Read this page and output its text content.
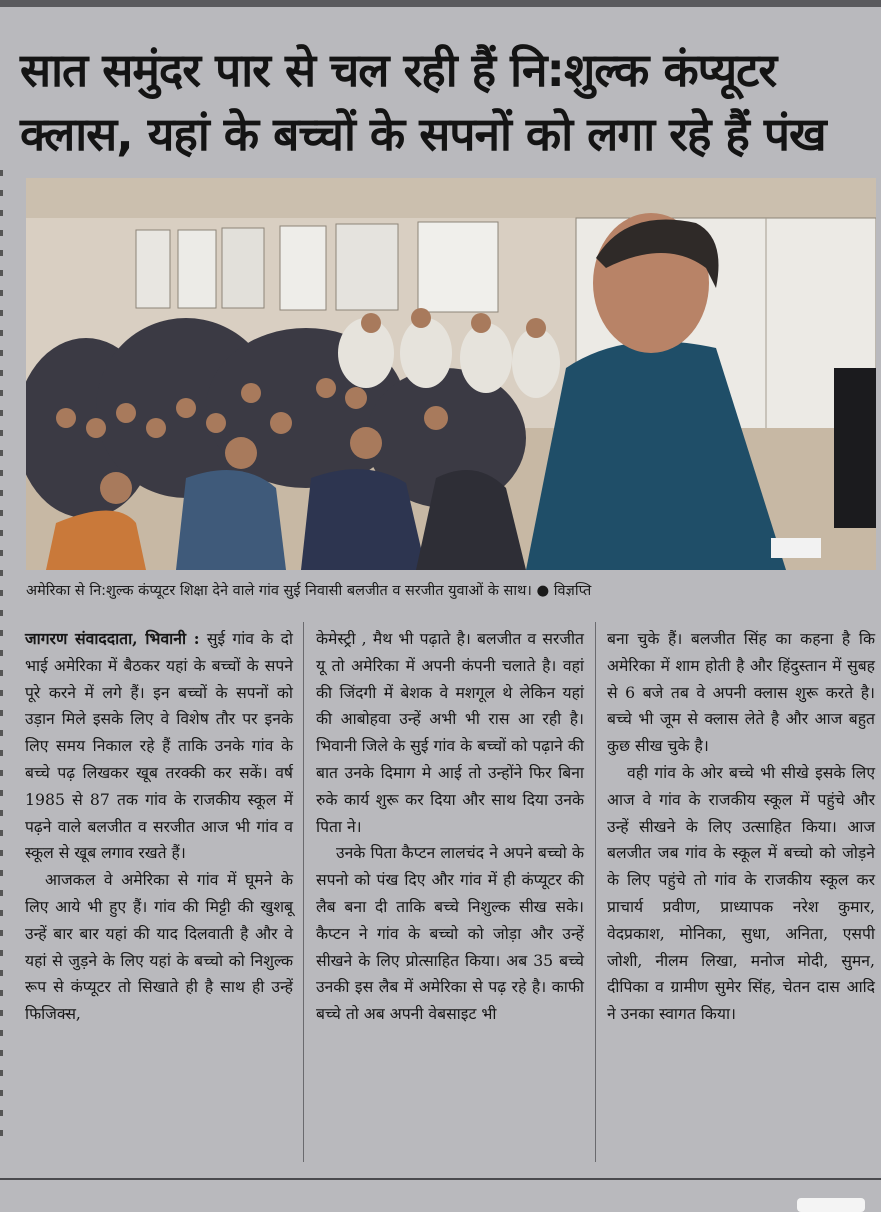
सात समुंदर पार से चल रही हैं नि:शुल्क कंप्यूटर
क्लास, यहां के बच्चों के सपनों को लगा रहे हैं पंख
अमेरिका से नि:शुल्क कंप्यूटर शिक्षा देने वाले गांव सुई निवासी बलजीत व सरजीत युवाओं के साथ। ● विज्ञप्ति

जागरण संवाददाता, भिवानी : सुई गांव के दो भाई अमेरिका में बैठकर यहां के बच्चों के सपने पूरे करने में लगे हैं। इन बच्चों के सपनों को उड़ान मिले इसके लिए वे विशेष तौर पर इनके लिए समय निकाल रहे हैं ताकि उनके गांव के बच्चे पढ़ लिखकर खूब तरक्की कर सकें। वर्ष 1985 से 87 तक गांव के राजकीय स्कूल में पढ़ने वाले बलजीत व सरजीत आज भी गांव व स्कूल से खूब लगाव रखते हैं।

आजकल वे अमेरिका से गांव में घूमने के लिए आये भी हुए हैं। गांव की मिट्टी की खुशबू उन्हें बार बार यहां की याद दिलवाती है और वे यहां से जुड़ने के लिए यहां के बच्चो को निशुल्क रूप से कंप्यूटर तो सिखाते ही है साथ ही उन्हें फिजिक्स,

केमेस्ट्री , मैथ भी पढ़ाते है। बलजीत व सरजीत यू तो अमेरिका में अपनी कंपनी चलाते है। वहां की जिंदगी में बेशक वे मशगूल थे लेकिन यहां की आबोहवा उन्हें अभी भी रास आ रही है। भिवानी जिले के सुई गांव के बच्चों को पढ़ाने की बात उनके दिमाग मे आई तो उन्होंने फिर बिना रुके कार्य शुरू कर दिया और साथ दिया उनके पिता ने।

उनके पिता कैप्टन लालचंद ने अपने बच्चो के सपनो को पंख दिए और गांव में ही कंप्यूटर की लैब बना दी ताकि बच्चे निशुल्क सीख सके। कैप्टन ने गांव के बच्चो को जोड़ा और उन्हें सीखने के लिए प्रोत्साहित किया। अब 35 बच्चे उनकी इस लैब में अमेरिका से पढ़ रहे है। काफी बच्चे तो अब अपनी वेबसाइट भी

बना चुके हैं। बलजीत सिंह का कहना है कि अमेरिका में शाम होती है और हिंदुस्तान में सुबह से 6 बजे तब वे अपनी क्लास शुरू करते है। बच्चे भी जूम से क्लास लेते है और आज बहुत कुछ सीख चुके है।

वही गांव के ओर बच्चे भी सीखे इसके लिए आज वे गांव के राजकीय स्कूल में पहुंचे और उन्हें सीखने के लिए उत्साहित किया। आज बलजीत जब गांव के स्कूल में बच्चो को जोड़ने के लिए पहुंचे तो गांव के राजकीय स्कूल कर प्राचार्य प्रवीण, प्राध्यापक नरेश कुमार, वेदप्रकाश, मोनिका, सुधा, अनिता, एसपी जोशी, नीलम लिखा, मनोज मोदी, सुमन, दीपिका व ग्रामीण सुमेर सिंह, चेतन दास आदि ने उनका स्वागत किया।
